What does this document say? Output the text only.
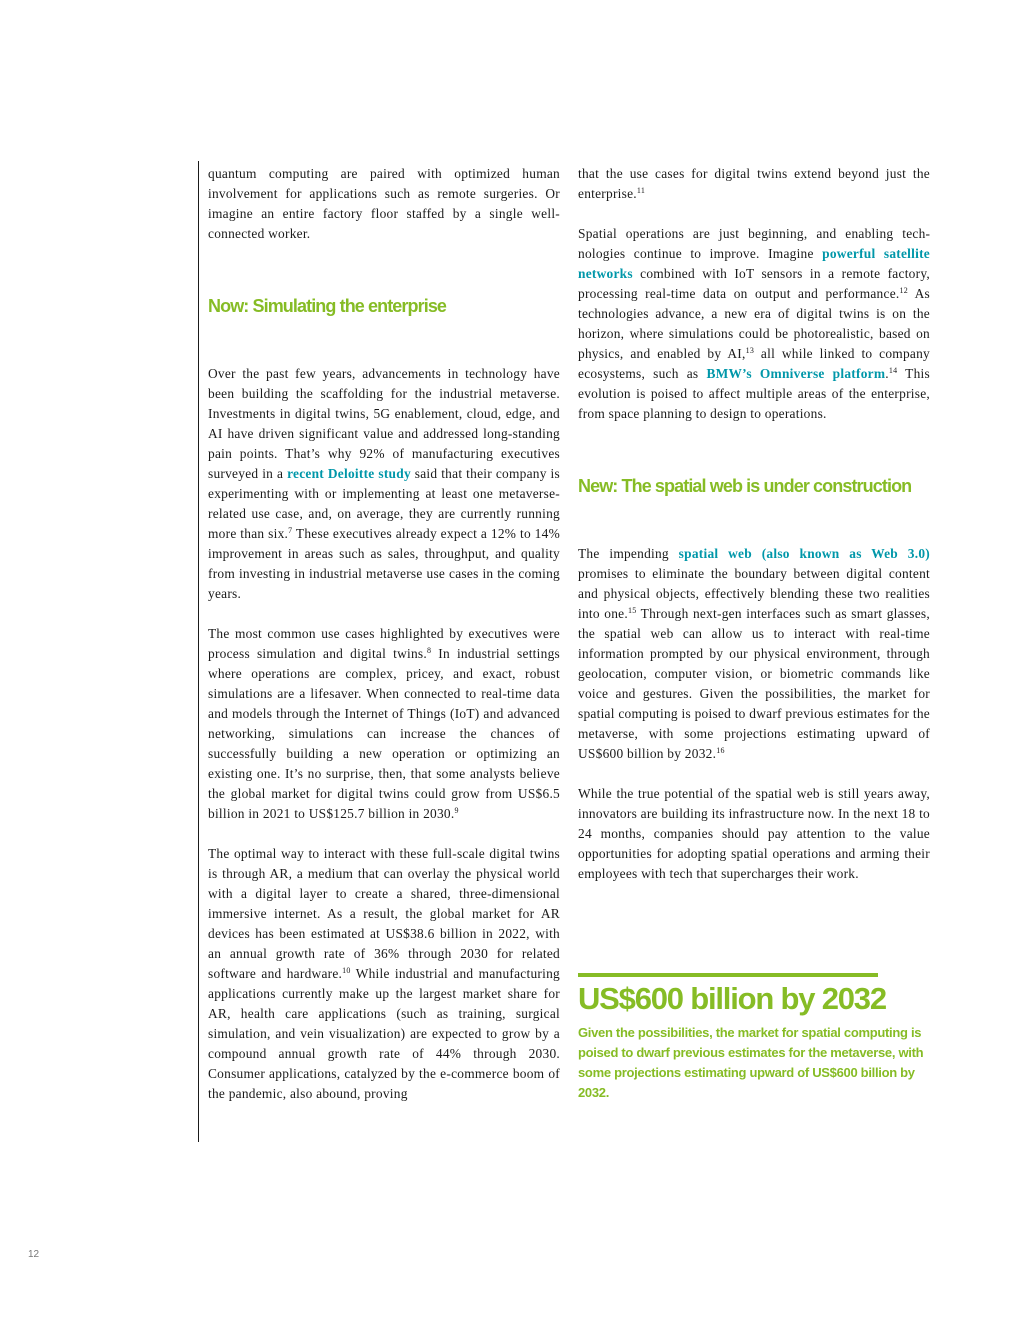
quantum computing are paired with optimized human involvement for applications such as remote surgeries. Or imagine an entire factory floor staffed by a single well-connected worker.

Now: Simulating the enterprise

Over the past few years, advancements in technology have been building the scaffolding for the industrial metaverse. Investments in digital twins, 5G enablement, cloud, edge, and AI have driven significant value and addressed long-standing pain points. That’s why 92% of manufacturing executives surveyed in a recent Deloitte study said that their company is experimenting with or implementing at least one metaverse-related use case, and, on average, they are currently running more than six.$^7$ These executives already expect a 12% to 14% improvement in areas such as sales, throughput, and quality from investing in industrial metaverse use cases in the coming years.

The most common use cases highlighted by executives were process simulation and digital twins.$^8$ In industrial settings where operations are complex, pricey, and exact, robust simulations are a lifesaver. When connected to real-time data and models through the Internet of Things (IoT) and advanced networking, simulations can increase the chances of successfully building a new operation or optimizing an existing one. It’s no surprise, then, that some analysts believe the global market for digital twins could grow from US$6.5 billion in 2021 to US$125.7 billion in 2030.$^9$

The optimal way to interact with these full-scale digital twins is through AR, a medium that can overlay the physical world with a digital layer to create a shared, three-dimensional immersive internet. As a result, the global market for AR devices has been estimated at US$38.6 billion in 2022, with an annual growth rate of 36% through 2030 for related software and hardware.$^{10}$ While industrial and manufacturing applications currently make up the largest market share for AR, health care applications (such as training, surgical simulation, and vein visualization) are expected to grow by a compound annual growth rate of 44% through 2030. Consumer applications, catalyzed by the e-commerce boom of the pandemic, also abound, proving

that the use cases for digital twins extend beyond just the enterprise.$^{11}$

Spatial operations are just beginning, and enabling technologies continue to improve. Imagine powerful satellite networks combined with IoT sensors in a remote factory, processing real-time data on output and performance.$^{12}$ As technologies advance, a new era of digital twins is on the horizon, where simulations could be photorealistic, based on physics, and enabled by AI,$^{13}$ all while linked to company ecosystems, such as BMW’s Omniverse platform.$^{14}$ This evolution is poised to affect multiple areas of the enterprise, from space planning to design to operations.

New: The spatial web is under construction

The impending spatial web (also known as Web 3.0) promises to eliminate the boundary between digital content and physical objects, effectively blending these two realities into one.$^{15}$ Through next-gen interfaces such as smart glasses, the spatial web can allow us to interact with real-time information prompted by our physical environment, through geolocation, computer vision, or biometric commands like voice and gestures. Given the possibilities, the market for spatial computing is poised to dwarf previous estimates for the metaverse, with some projections estimating upward of US$600 billion by 2032.16

While the true potential of the spatial web is still years away, innovators are building its infrastructure now. In the next 18 to 24 months, companies should pay attention to the value opportunities for adopting spatial operations and arming their employees with tech that supercharges their work.

US$600 billion by 2032

Given the possibilities, the market for spatial computing is poised to dwarf previous estimates for the metaverse, with some projections estimating upward of US$600 billion by 2032.

12
